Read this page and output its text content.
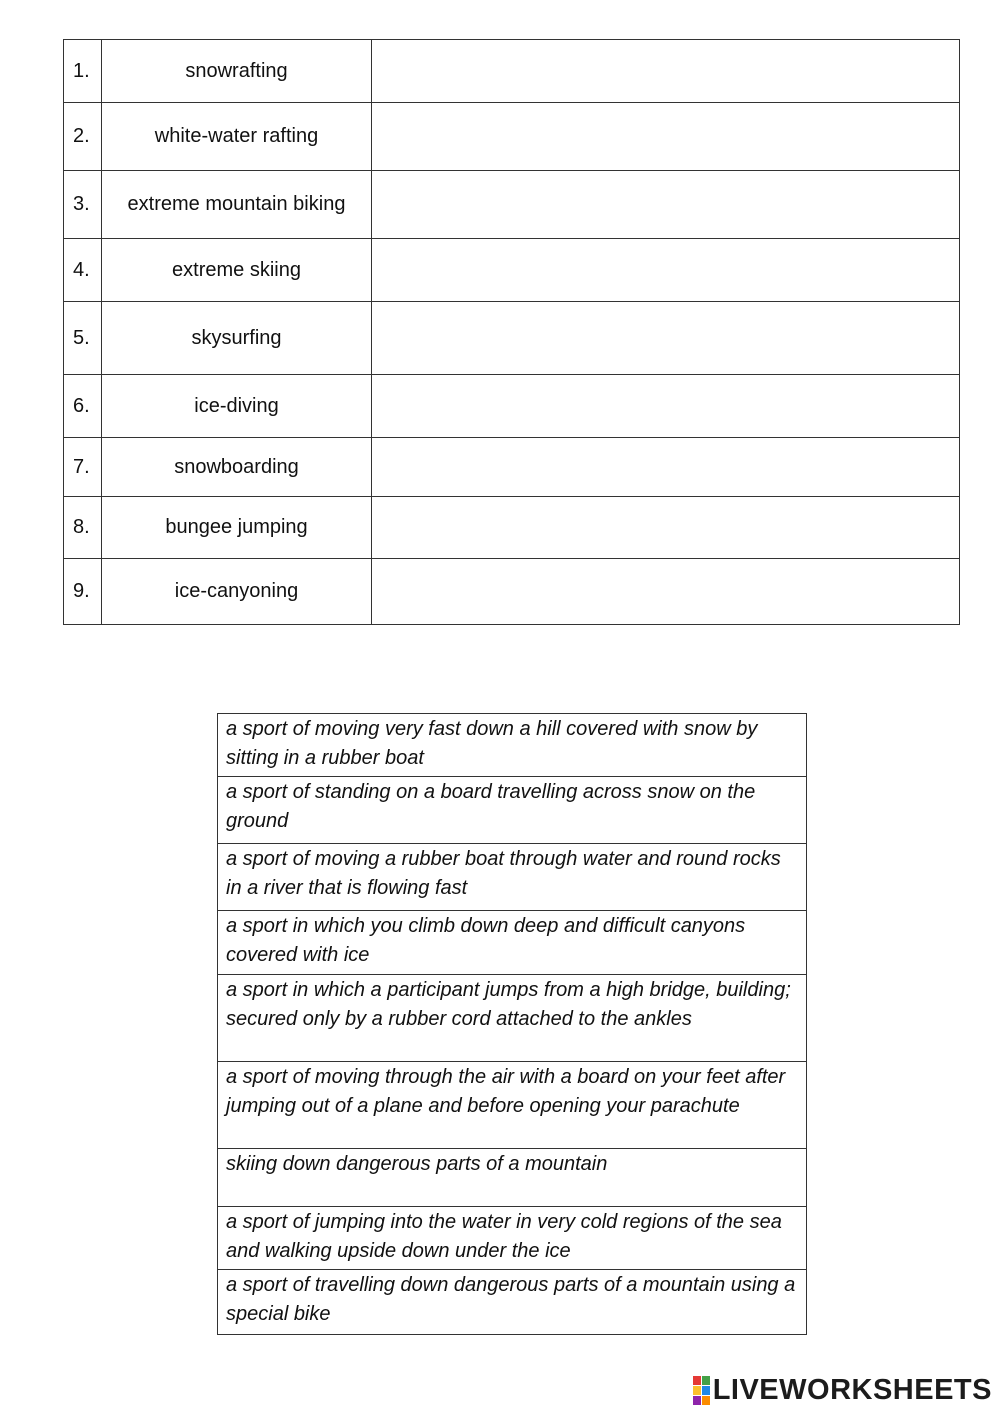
1.	snowrafting	

2.	white-water rafting	

3.	extreme mountain biking	

4.	extreme skiing	

5.	skysurfing	

6.	ice-diving	

7.	snowboarding	

8.	bungee jumping	

9.	ice-canyoning	
a sport of moving very fast down a hill covered with snow by sitting in a rubber boat
a sport of standing on a board travelling across snow on the ground
a sport of moving a rubber boat through water and round rocks in a river that is flowing fast
a sport in which you climb down deep and difficult canyons covered with ice
a sport in which a participant jumps from a high bridge, building; secured only by a rubber cord attached to the ankles
a sport of moving through the air with a board on your feet after jumping out of a plane and before opening your parachute
skiing down dangerous parts of a mountain
a sport of jumping into the water in very cold regions of the sea and walking upside down under the ice
a sport of travelling down dangerous parts of a mountain using a special bike
LIVEWORKSHEETS
